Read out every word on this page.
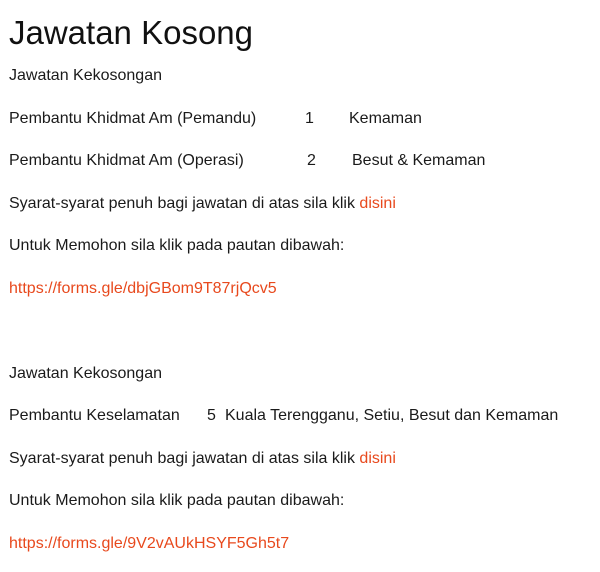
Jawatan Kosong
Jawatan Kekosongan
Pembantu Khidmat Am (Pemandu)	1 Kemaman
Pembantu Khidmat Am (Operasi)	2 Besut & Kemaman
Syarat-syarat penuh bagi jawatan di atas sila klik disini
Untuk Memohon sila klik pada pautan dibawah:
https://forms.gle/dbjGBom9T87rjQcv5
Jawatan Kekosongan
Pembantu Keselamatan 5 Kuala Terengganu, Setiu, Besut dan Kemaman
Syarat-syarat penuh bagi jawatan di atas sila klik disini
Untuk Memohon sila klik pada pautan dibawah:
https://forms.gle/9V2vAUkHSYF5Gh5t7
